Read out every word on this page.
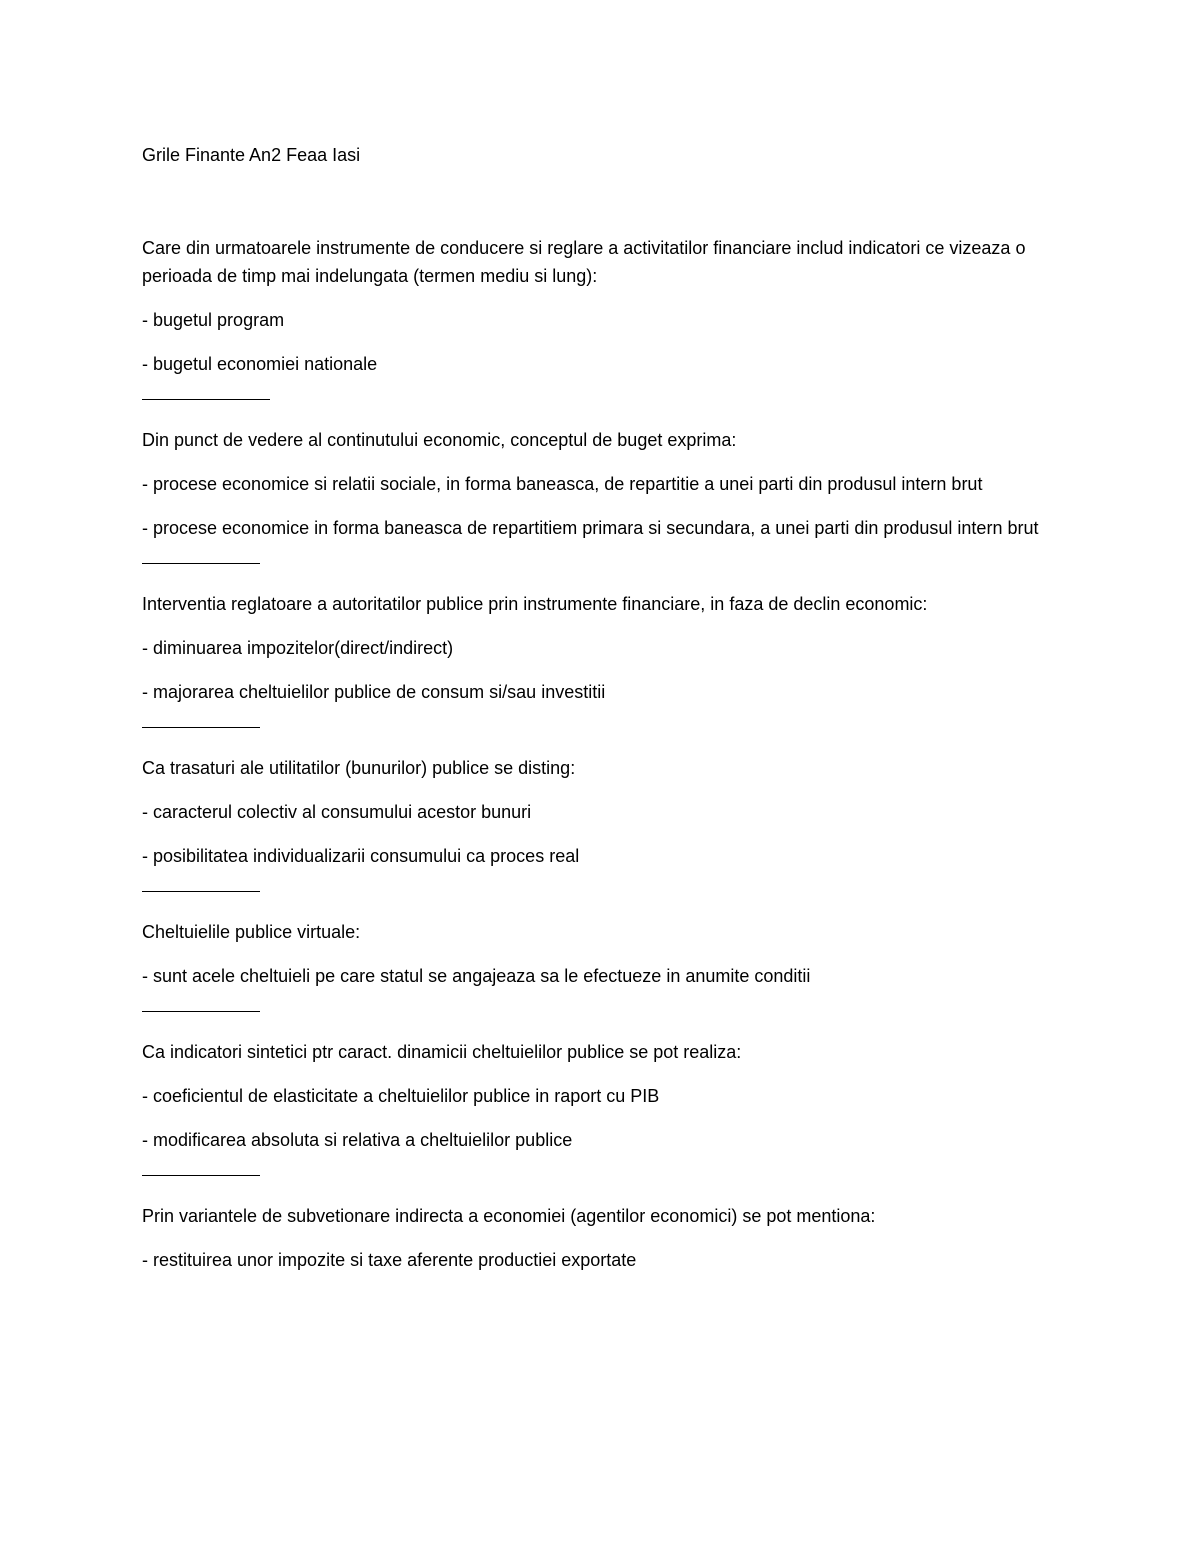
Grile Finante An2 Feaa Iasi

Care din urmatoarele instrumente de conducere si reglare a activitatilor financiare includ indicatori ce vizeaza o perioada de timp mai indelungata (termen mediu si lung):

- bugetul program

- bugetul economiei nationale

Din punct de vedere al continutului economic, conceptul de buget exprima:

- procese economice si relatii sociale, in forma baneasca, de repartitie a unei parti din produsul intern brut

- procese economice in forma baneasca de repartitiem primara si secundara, a unei parti din produsul intern brut

Interventia reglatoare a autoritatilor publice prin instrumente financiare, in faza de declin economic:

- diminuarea impozitelor(direct/indirect)

- majorarea cheltuielilor publice de consum si/sau investitii

Ca trasaturi ale utilitatilor (bunurilor) publice se disting:

- caracterul colectiv al consumului acestor bunuri

- posibilitatea individualizarii consumului ca proces real

Cheltuielile publice virtuale:

- sunt acele cheltuieli pe care statul se angajeaza sa le efectueze in anumite conditii

Ca indicatori sintetici ptr caract. dinamicii cheltuielilor publice se pot realiza:

- coeficientul de elasticitate a cheltuielilor publice in raport cu PIB

- modificarea absoluta si relativa a cheltuielilor publice

Prin variantele de subvetionare indirecta a economiei (agentilor economici) se pot mentiona:

- restituirea unor impozite si taxe aferente productiei exportate
